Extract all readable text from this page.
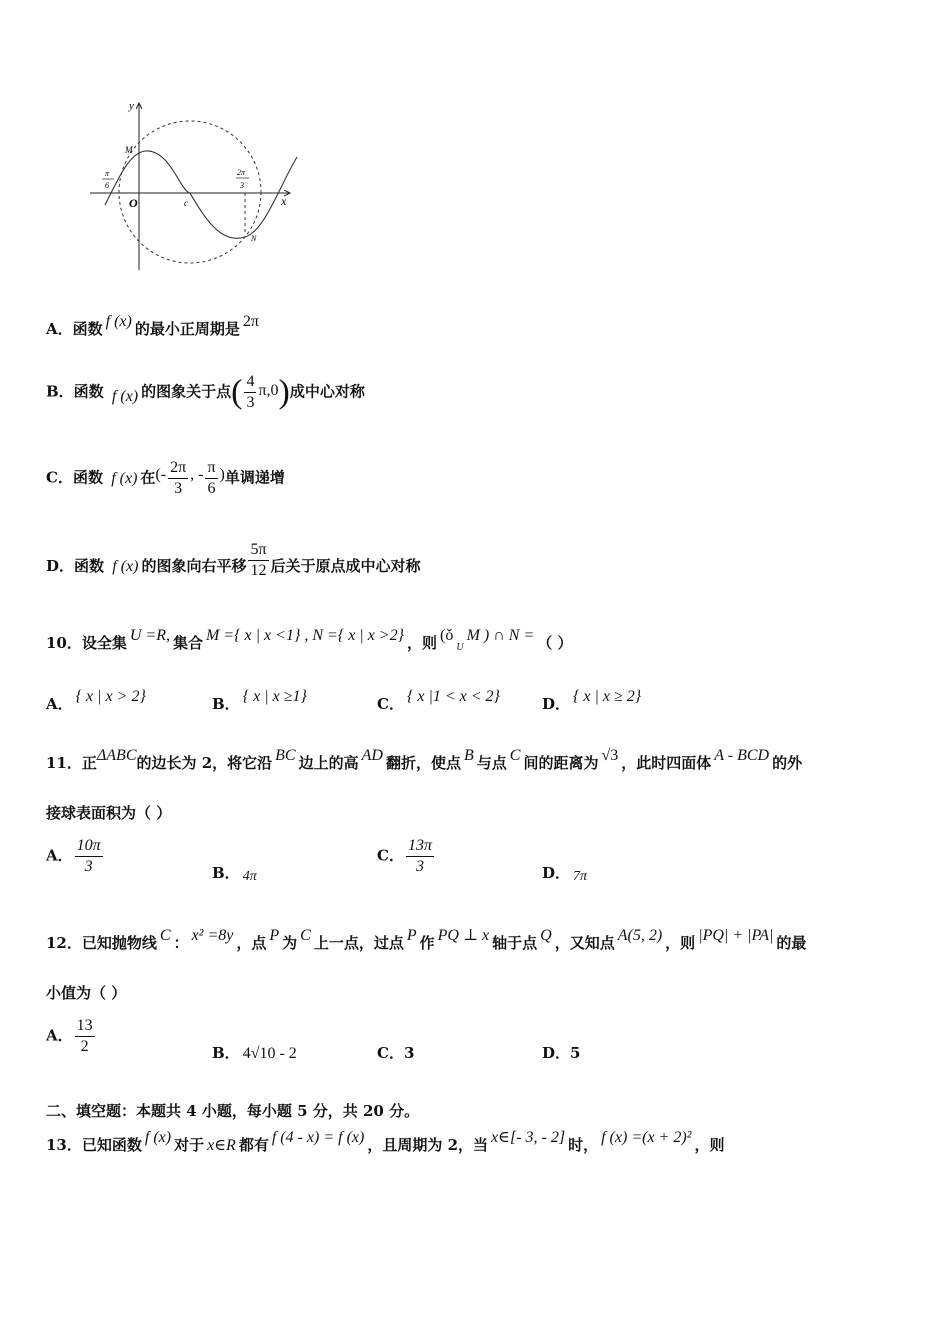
y
x
O
M
c
N
π
6
2π
3
A．函数 f (x) 的最小正周期是 2π
B．函数 f (x) 的图象关于点( $\frac{4}{3} \pi,0$)成中心对称
C．函数 f (x) 在(- $\frac{2\pi}{3}$ , - $\frac{\pi}{6}$ )单调递增
D．函数 f (x) 的图象向右平移 $\frac{5\pi}{12}$ 后关于原点成中心对称
10．设全集 U =R, 集合 M ={ x | x <1} , N ={ x | x >2} ，则 ($ǒ_UM$ ) ∩ N = （ ）
A． { x | x > 2}	B． { x | x ≥1}	C． { x |1 < x < 2}	D． { x | x ≥ 2}
11．正ΔABC的边长为 2，将它沿 BC 边上的高 AD 翻折，使点 B 与点 C 间的距离为 √3 ，此时四面体 A - BCD 的外
接球表面积为（ ）
A． $\frac{10\pi}{3}$	B． 4π
C． $\frac{13\pi}{3}$	D． 7π
12．已知抛物线 C ： x² =8y ，点 P 为 C 上一点，过点 P 作 PQ ⊥ x 轴于点 Q ，又知点 A(5, 2) ，则 |PQ| + |PA| 的最
小值为（ ）
A． $\frac{13}{2}$	B． 4√10 - 2	C．3	D．5
二、填空题：本题共 4 小题，每小题 5 分，共 20 分。
13．已知函数 f (x) 对于 x∈R 都有 f (4 - x) = f (x) ，且周期为 2，当 x∈[- 3, - 2] 时， f (x) =(x + 2)² ，则
